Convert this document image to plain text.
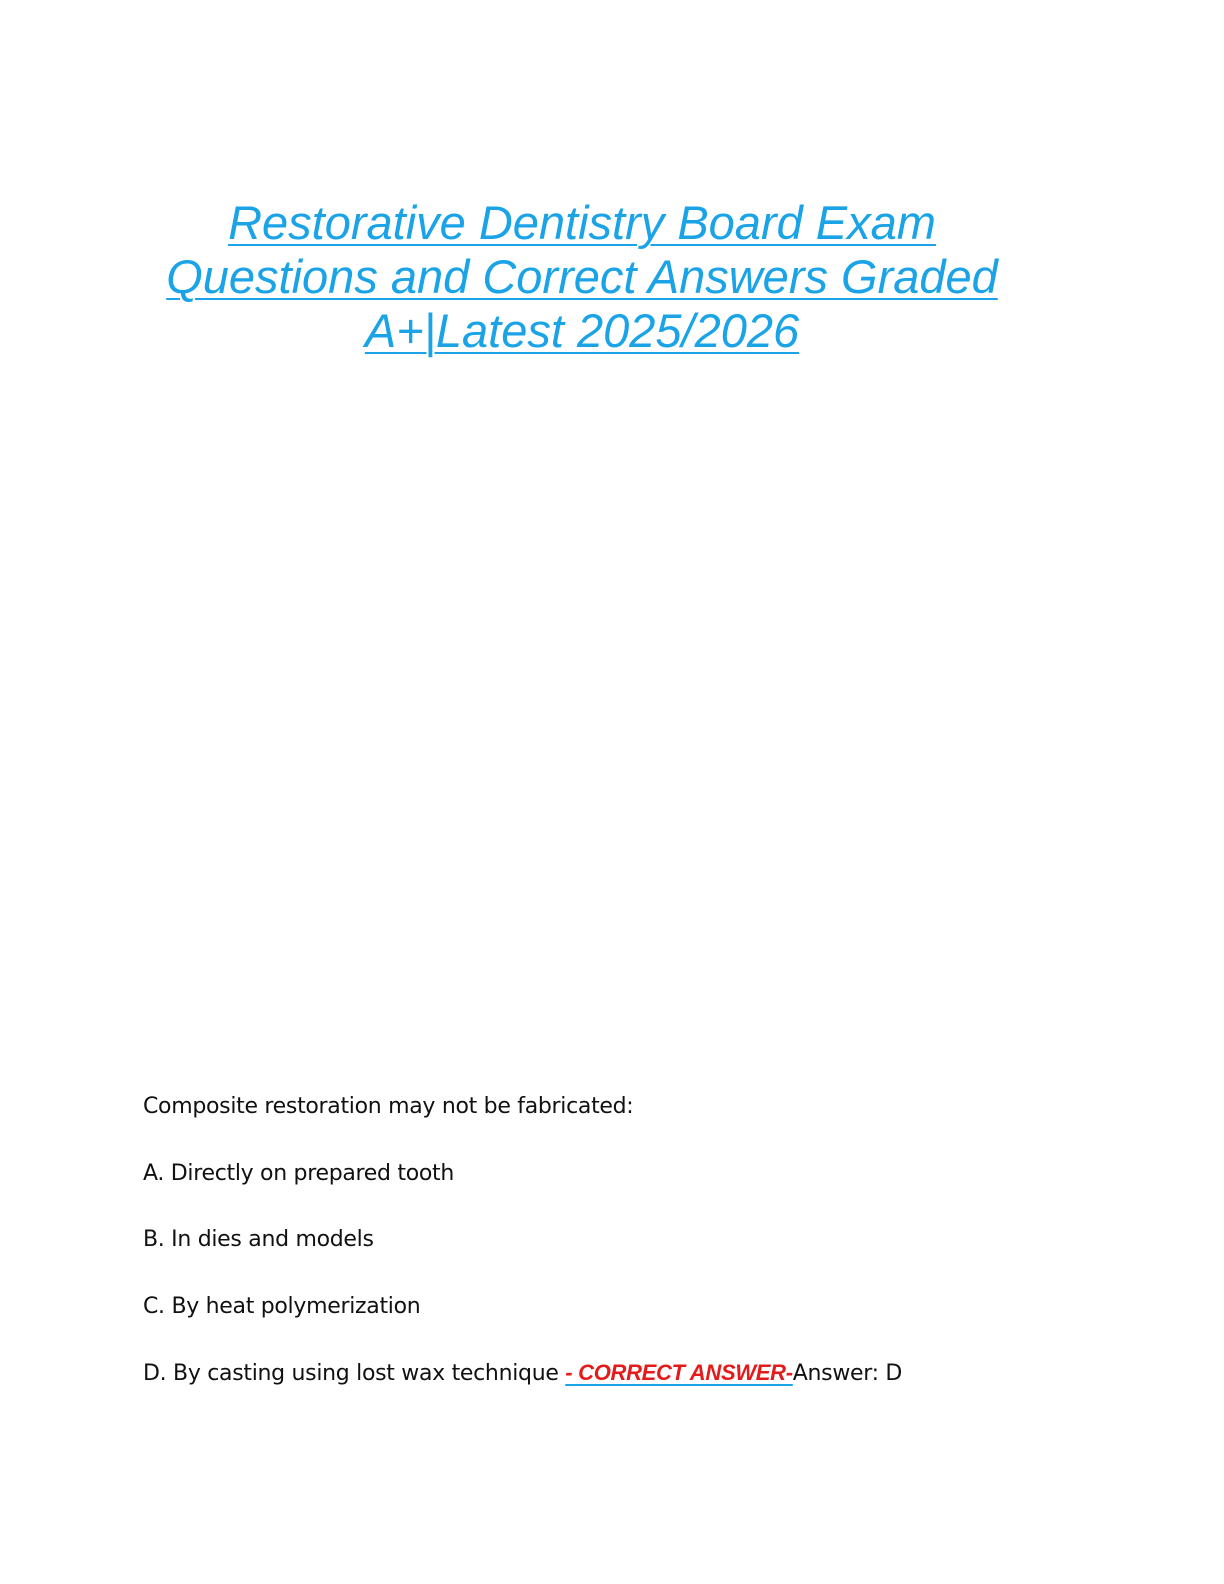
Restorative Dentistry Board Exam
Questions and Correct Answers Graded
A+|Latest 2025/2026
Composite restoration may not be fabricated:
A. Directly on prepared tooth
B. In dies and models
C. By heat polymerization
D. By casting using lost wax technique - CORRECT ANSWER-Answer: D
